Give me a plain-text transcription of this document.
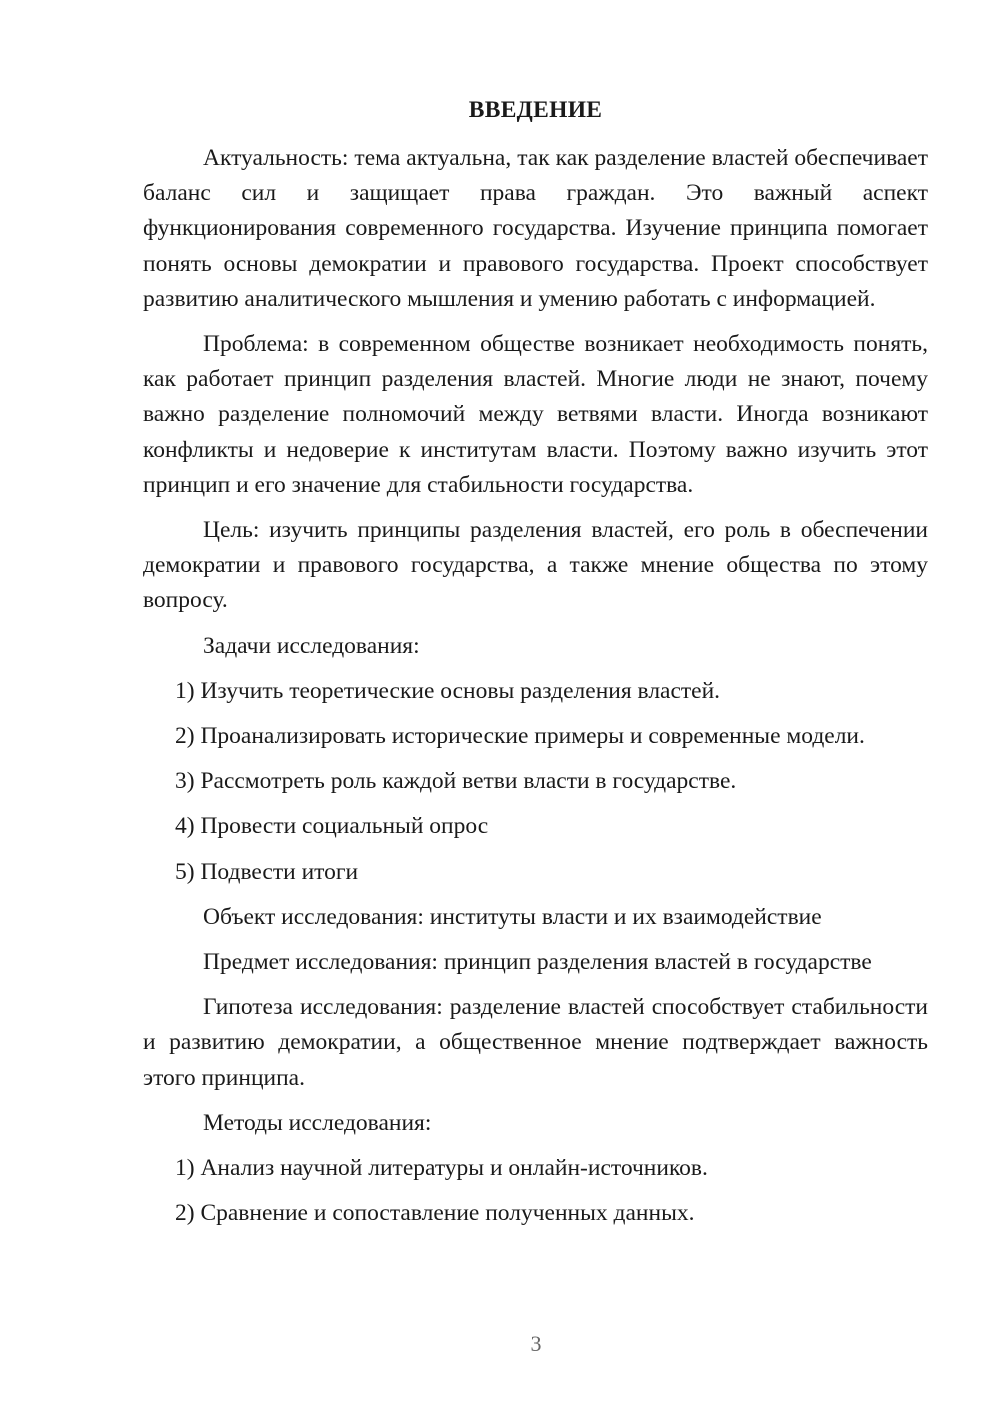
ВВЕДЕНИЕ

Актуальность: тема актуальна, так как разделение властей обеспечивает баланс сил и защищает права граждан. Это важный аспект функционирования современного государства. Изучение принципа помогает понять основы демократии и правового государства. Проект способствует развитию аналитического мышления и умению работать с информацией.

Проблема: в современном обществе возникает необходимость понять, как работает принцип разделения властей. Многие люди не знают, почему важно разделение полномочий между ветвями власти. Иногда возникают конфликты и недоверие к институтам власти. Поэтому важно изучить этот принцип и его значение для стабильности государства.

Цель: изучить принципы разделения властей, его роль в обеспечении демократии и правового государства, а также мнение общества по этому вопросу.

Задачи исследования:
1) Изучить теоретические основы разделения властей.
2) Проанализировать исторические примеры и современные модели.
3) Рассмотреть роль каждой ветви власти в государстве.
4) Провести социальный опрос
5) Подвести итоги
Объект исследования: институты власти и их взаимодействие
Предмет исследования: принцип разделения властей в государстве

Гипотеза исследования: разделение властей способствует стабильности и развитию демократии, а общественное мнение подтверждает важность этого принципа.

Методы исследования:
1) Анализ научной литературы и онлайн-источников.
2) Сравнение и сопоставление полученных данных.
3
